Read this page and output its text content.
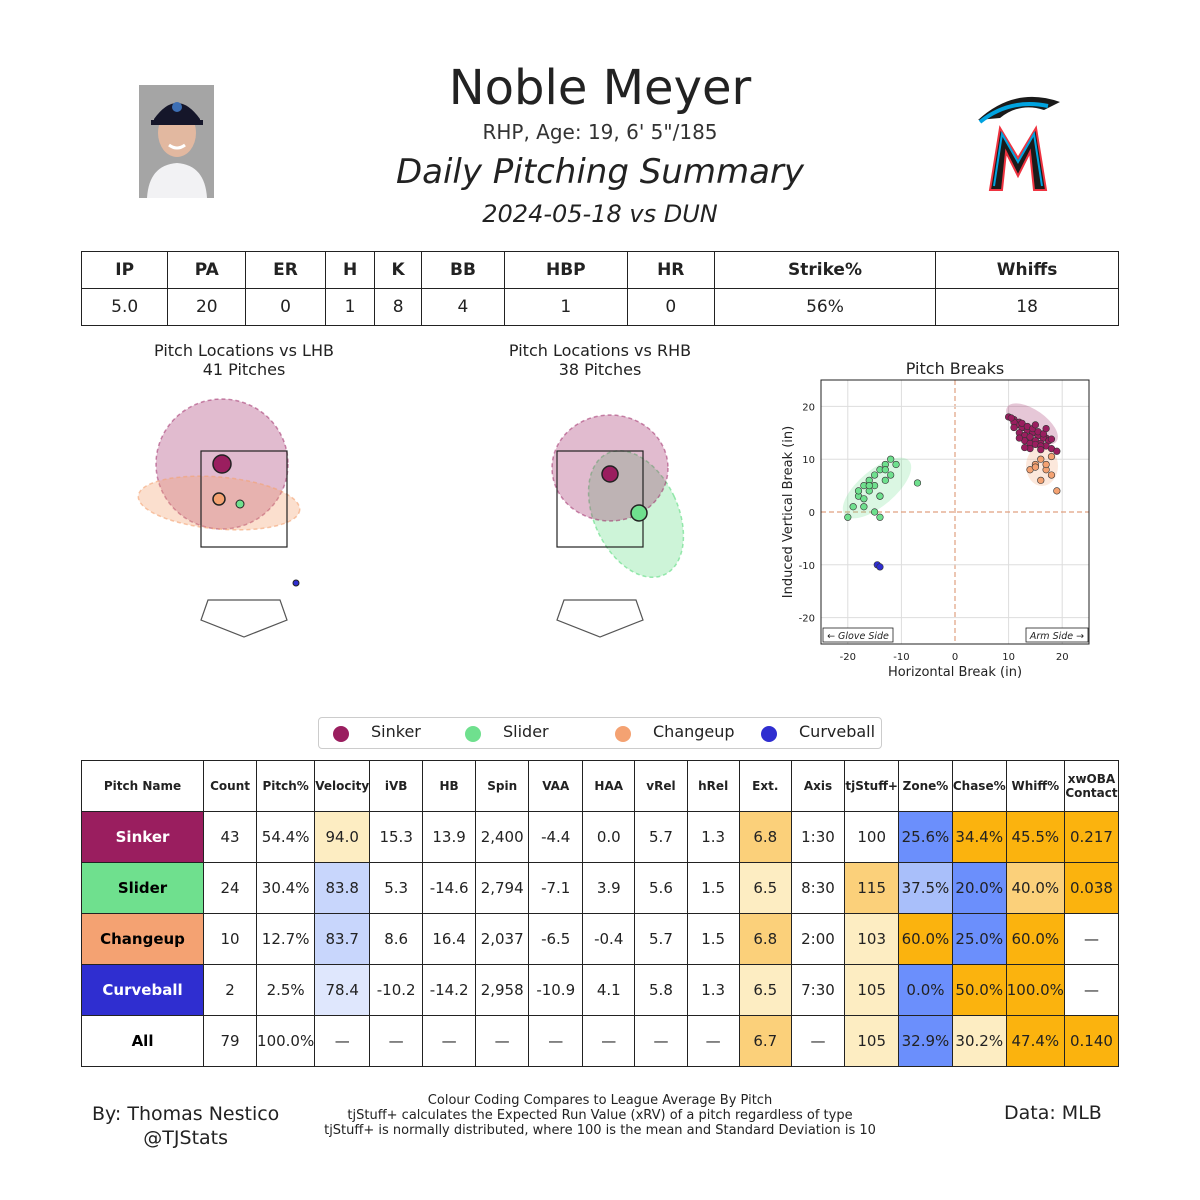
Noble Meyer
RHP, Age: 19, 6' 5"/185
Daily Pitching Summary
2024-05-18 vs DUN
IP	PA	ER	H	K	BB	HBP	HR	Strike%	Whiffs
5.0	20	0	1	8	4	1	0	56%	18
Pitch Locations vs LHB
41 Pitches
Pitch Locations vs RHB
38 Pitches	Pitch Breaks
-20	-10	0	10	20
-20
-10
0
10
20
← Glove Side	Arm Side →
Horizontal Break (in)
Induced Vertical Break (in)
Sinker	Slider	Changeup	Curveball
Pitch Name	Count	Pitch%	Velocity	iVB	HB	Spin	VAA	HAA	vRel	hRel	Ext.	Axis	tjStuff+	Zone%	Chase%	Whiff%	xwOBA Contact
Sinker	43	54.4%	94.0	15.3	13.9	2,400	-4.4	0.0	5.7	1.3	6.8	1:30	100	25.6%	34.4%	45.5%	0.217
Slider	24	30.4%	83.8	5.3	-14.6	2,794	-7.1	3.9	5.6	1.5	6.5	8:30	115	37.5%	20.0%	40.0%	0.038
Changeup	10	12.7%	83.7	8.6	16.4	2,037	-6.5	-0.4	5.7	1.5	6.8	2:00	103	60.0%	25.0%	60.0%	—
Curveball	2	2.5%	78.4	-10.2	-14.2	2,958	-10.9	4.1	5.8	1.3	6.5	7:30	105	0.0%	50.0%	100.0%	—
All	79	100.0%	—	—	—	—	—	—	—	—	6.7	—	105	32.9%	30.2%	47.4%	0.140
By: Thomas Nestico
@TJStats
Colour Coding Compares to League Average By Pitch
tjStuff+ calculates the Expected Run Value (xRV) of a pitch regardless of type
tjStuff+ is normally distributed, where 100 is the mean and Standard Deviation is 10
Data: MLB
